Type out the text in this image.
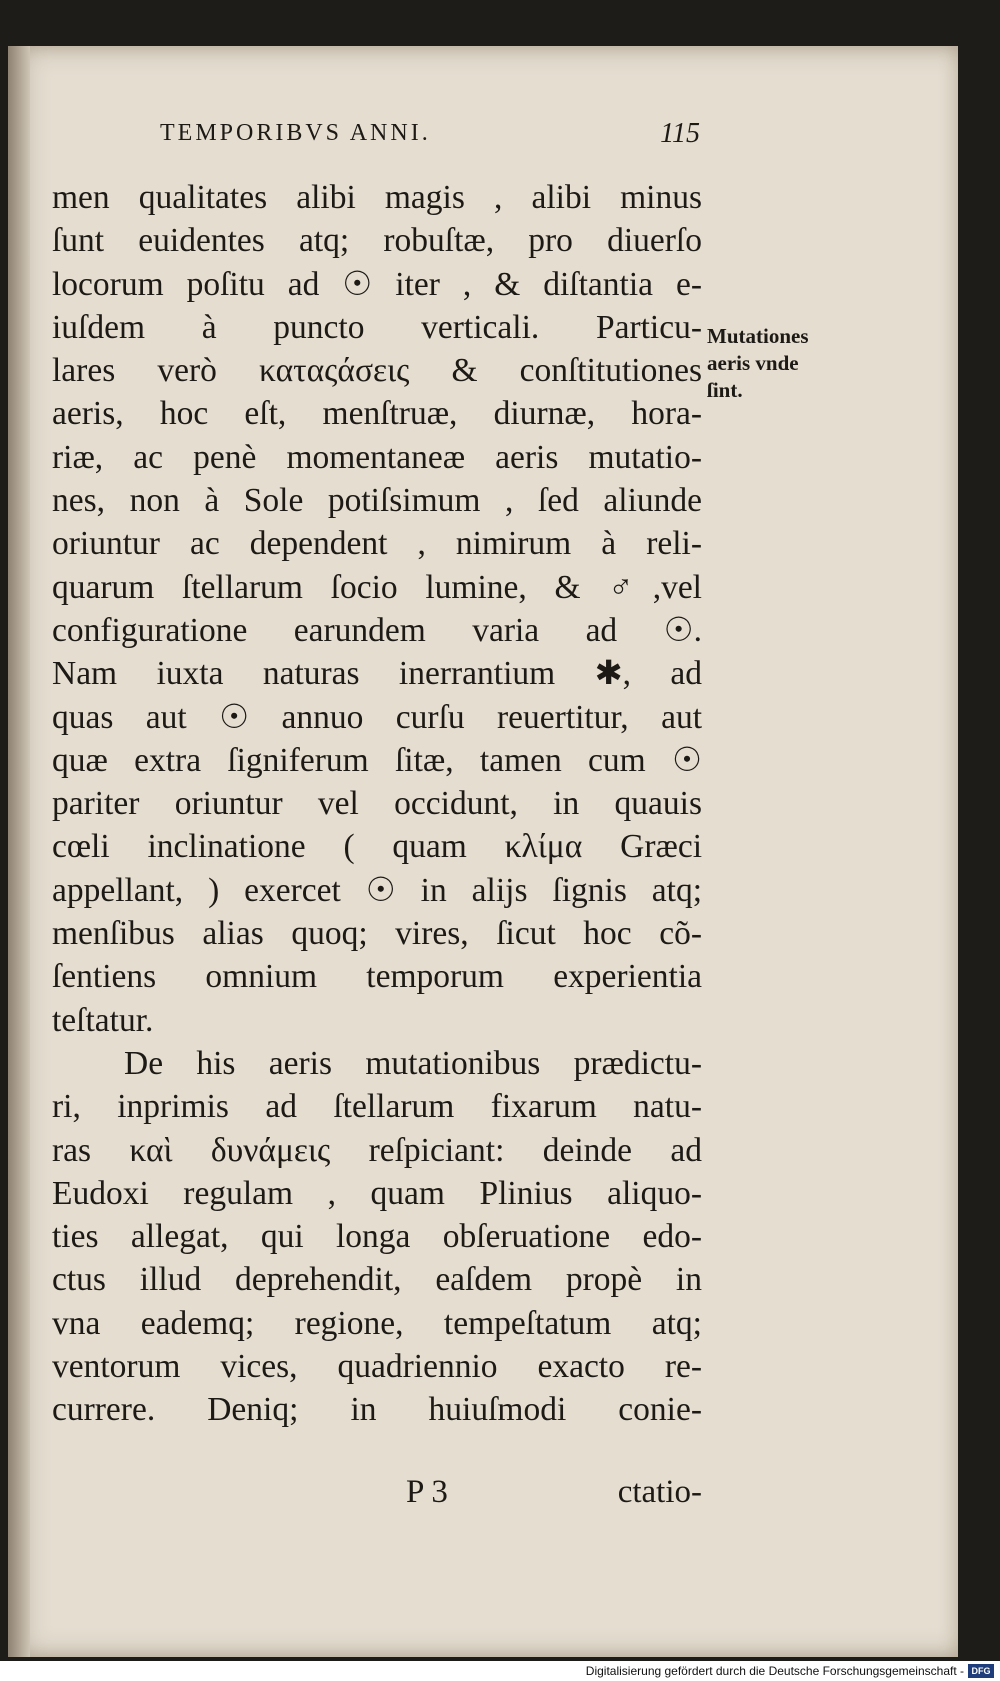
TEMPORIBVS ANNI.	115
men qualitates alibi magis , alibi minus
ſunt euidentes atq; robuſtæ, pro diuerſo
locorum poſitu ad ☉ iter , & diſtantia e-
iuſdem à puncto verticali. Particu-
lares verò καταςάσεις & conſtitutiones
aeris, hoc eſt, menſtruæ, diurnæ, hora-
riæ, ac penè momentaneæ aeris mutatio-
nes, non à Sole potiſsimum , ſed aliunde
oriuntur ac dependent , nimirum à reli-
quarum ſtellarum ſocio lumine, & ♂,vel
configuratione earundem varia ad ☉.
Nam iuxta naturas inerrantium ✱, ad
quas aut ☉ annuo curſu reuertitur, aut
quæ extra ſigniferum ſitæ, tamen cum ☉
pariter oriuntur vel occidunt, in quauis
cœli inclinatione ( quam κλίμα Græci
appellant, ) exercet ☉ in alijs ſignis atq;
menſibus alias quoq; vires, ſicut hoc cõ-
ſentiens omnium temporum experientia
teſtatur.
De his aeris mutationibus prædictu-
ri, inprimis ad ſtellarum fixarum natu-
ras καὶ δυνάμεις reſpiciant: deinde ad
Eudoxi regulam , quam Plinius aliquo-
ties allegat, qui longa obſeruatione edo-
ctus illud deprehendit, eaſdem propè in
vna eademq; regione, tempeſtatum atq;
ventorum vices, quadriennio exacto re-
currere. Deniq; in huiuſmodi conie-
P 3	ctatio-
Mutationes
aeris vnde
ſint.
Digitalisierung gefördert durch die Deutsche Forschungsgemeinschaft - DFG
